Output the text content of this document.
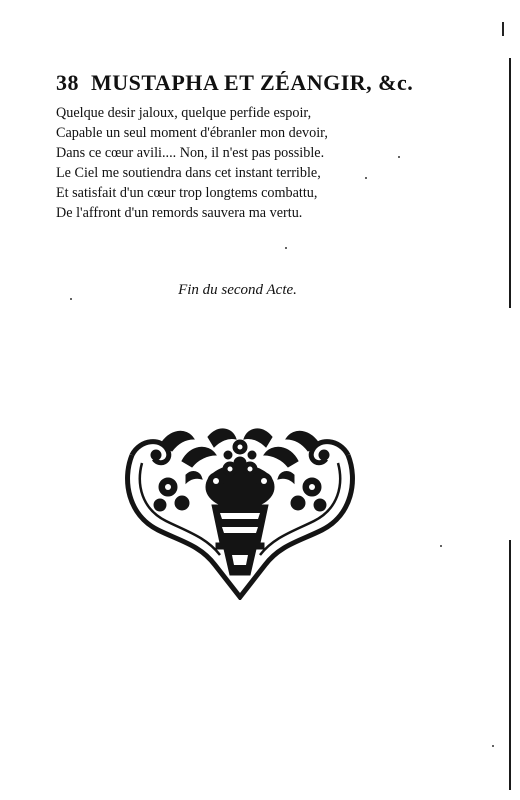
38 MUSTAPHA ET ZÉANGIR, &c.
Quelque desir jaloux, quelque perfide espoir,
Capable un seul moment d'ébranler mon devoir,
Dans ce cœur avili.... Non, il n'est pas possible.
Le Ciel me soutiendra dans cet instant terrible,
Et satisfait d'un cœur trop longtems combattu,
De l'affront d'un remords sauvera ma vertu.
Fin du second Acte.
